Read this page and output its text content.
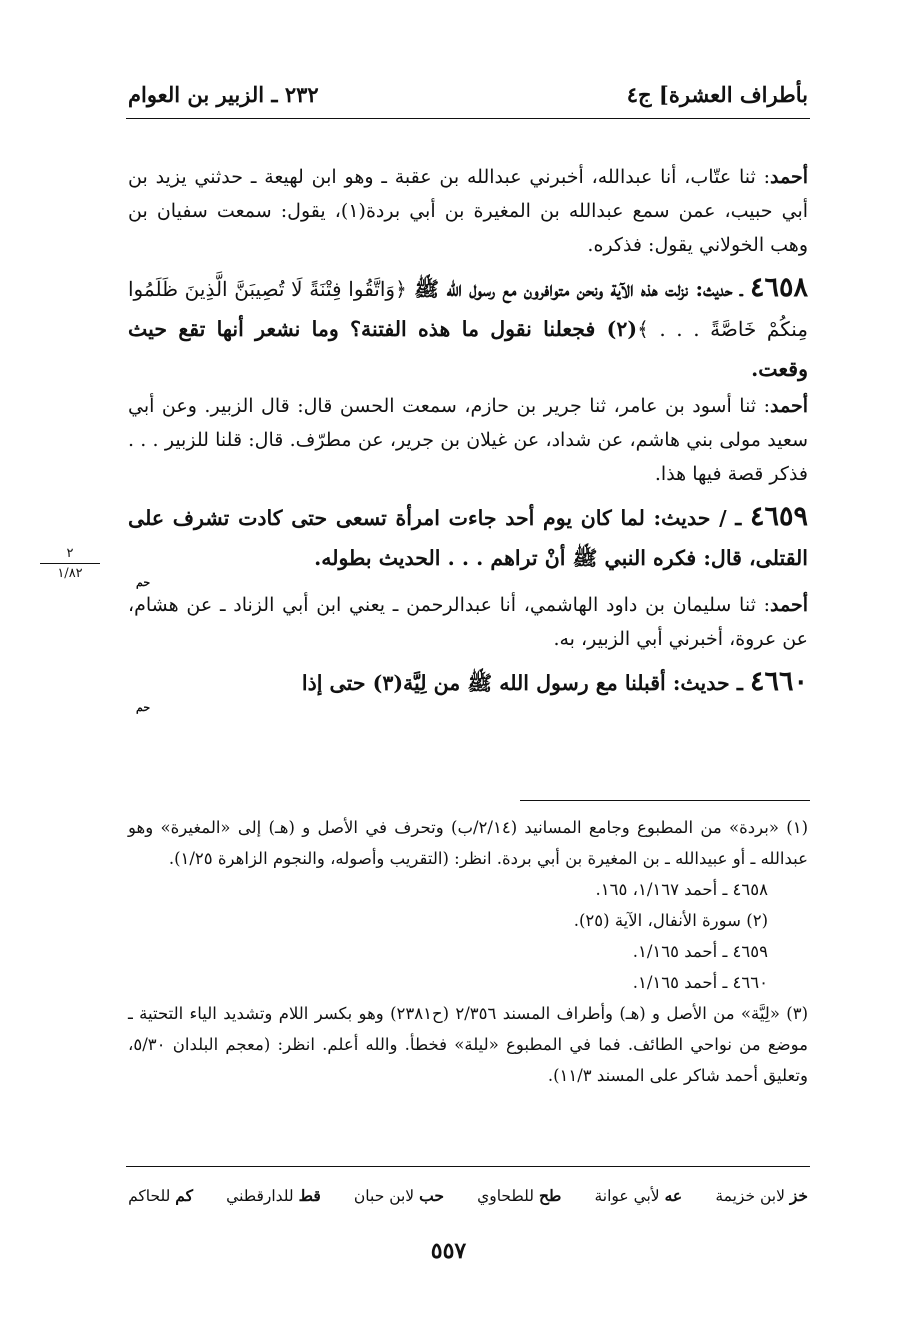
بأطراف العشرة] ج٤
٢٣٢ ـ الزبير بن العوام

أحمد: ثنا عتّاب، أنا عبدالله، أخبرني عبدالله بن عقبة ـ وهو ابن لهيعة ـ حدثني يزيد بن أبي حبيب، عمن سمع عبدالله بن المغيرة بن أبي بردة(١)، يقول: سمعت سفيان بن وهب الخولاني يقول: فذكره.

٤٦٥٨ ـ حديث: نزلت هذه الآية ونحن متوافرون مع رسول الله ﷺ ﴿وَاتَّقُوا فِتْنَةً لَا تُصِيبَنَّ الَّذِينَ ظَلَمُوا مِنكُمْ خَاصَّةً . . . ﴾(٢) فجعلنا نقول ما هذه الفتنة؟ وما نشعر أنها تقع حيث وقعت.

أحمد: ثنا أسود بن عامر، ثنا جرير بن حازم، سمعت الحسن قال: قال الزبير. وعن أبي سعيد مولى بني هاشم، عن شداد، عن غيلان بن جرير، عن مطرّف. قال: قلنا للزبير . . . فذكر قصة فيها هذا.

٤٦٥٩ ـ / حديث: لما كان يوم أحد جاءت امرأة تسعى حتى كادت تشرف على القتلى، قال: فكره النبي ﷺ أنْ تراهم . . . الحديث بطوله.
حم

أحمد: ثنا سليمان بن داود الهاشمي، أنا عبدالرحمن ـ يعني ابن أبي الزناد ـ عن هشام، عن عروة، أخبرني أبي الزبير، به.

٤٦٦٠ ـ حديث: أقبلنا مع رسول الله ﷺ من لِيَّة(٣) حتى إذا
حم

٢
١/٨٢

(١) «بردة» من المطبوع وجامع المسانيد (٢/١٤/ب) وتحرف في الأصل و (هـ) إلى «المغيرة» وهو عبدالله ـ أو عبيدالله ـ بن المغيرة بن أبي بردة. انظر: (التقريب وأصوله، والنجوم الزاهرة ١/٢٥).

٤٦٥٨ ـ أحمد ١/١٦٧، ١٦٥.

(٢) سورة الأنفال، الآية (٢٥).

٤٦٥٩ ـ أحمد ١/١٦٥.

٤٦٦٠ ـ أحمد ١/١٦٥.

(٣) «لِيَّة» من الأصل و (هـ) وأطراف المسند ٢/٣٥٦ (ح٢٣٨١) وهو بكسر اللام وتشديد الياء التحتية ـ موضع من نواحي الطائف. فما في المطبوع «ليلة» فخطأ. والله أعلم. انظر: (معجم البلدان ٥/٣٠، وتعليق أحمد شاكر على المسند ١١/٣).

خز لابن خزيمة
عه لأبي عوانة
طح للطحاوي
حب لابن حبان
قط للدارقطني
كم للحاكم
٥٥٧
